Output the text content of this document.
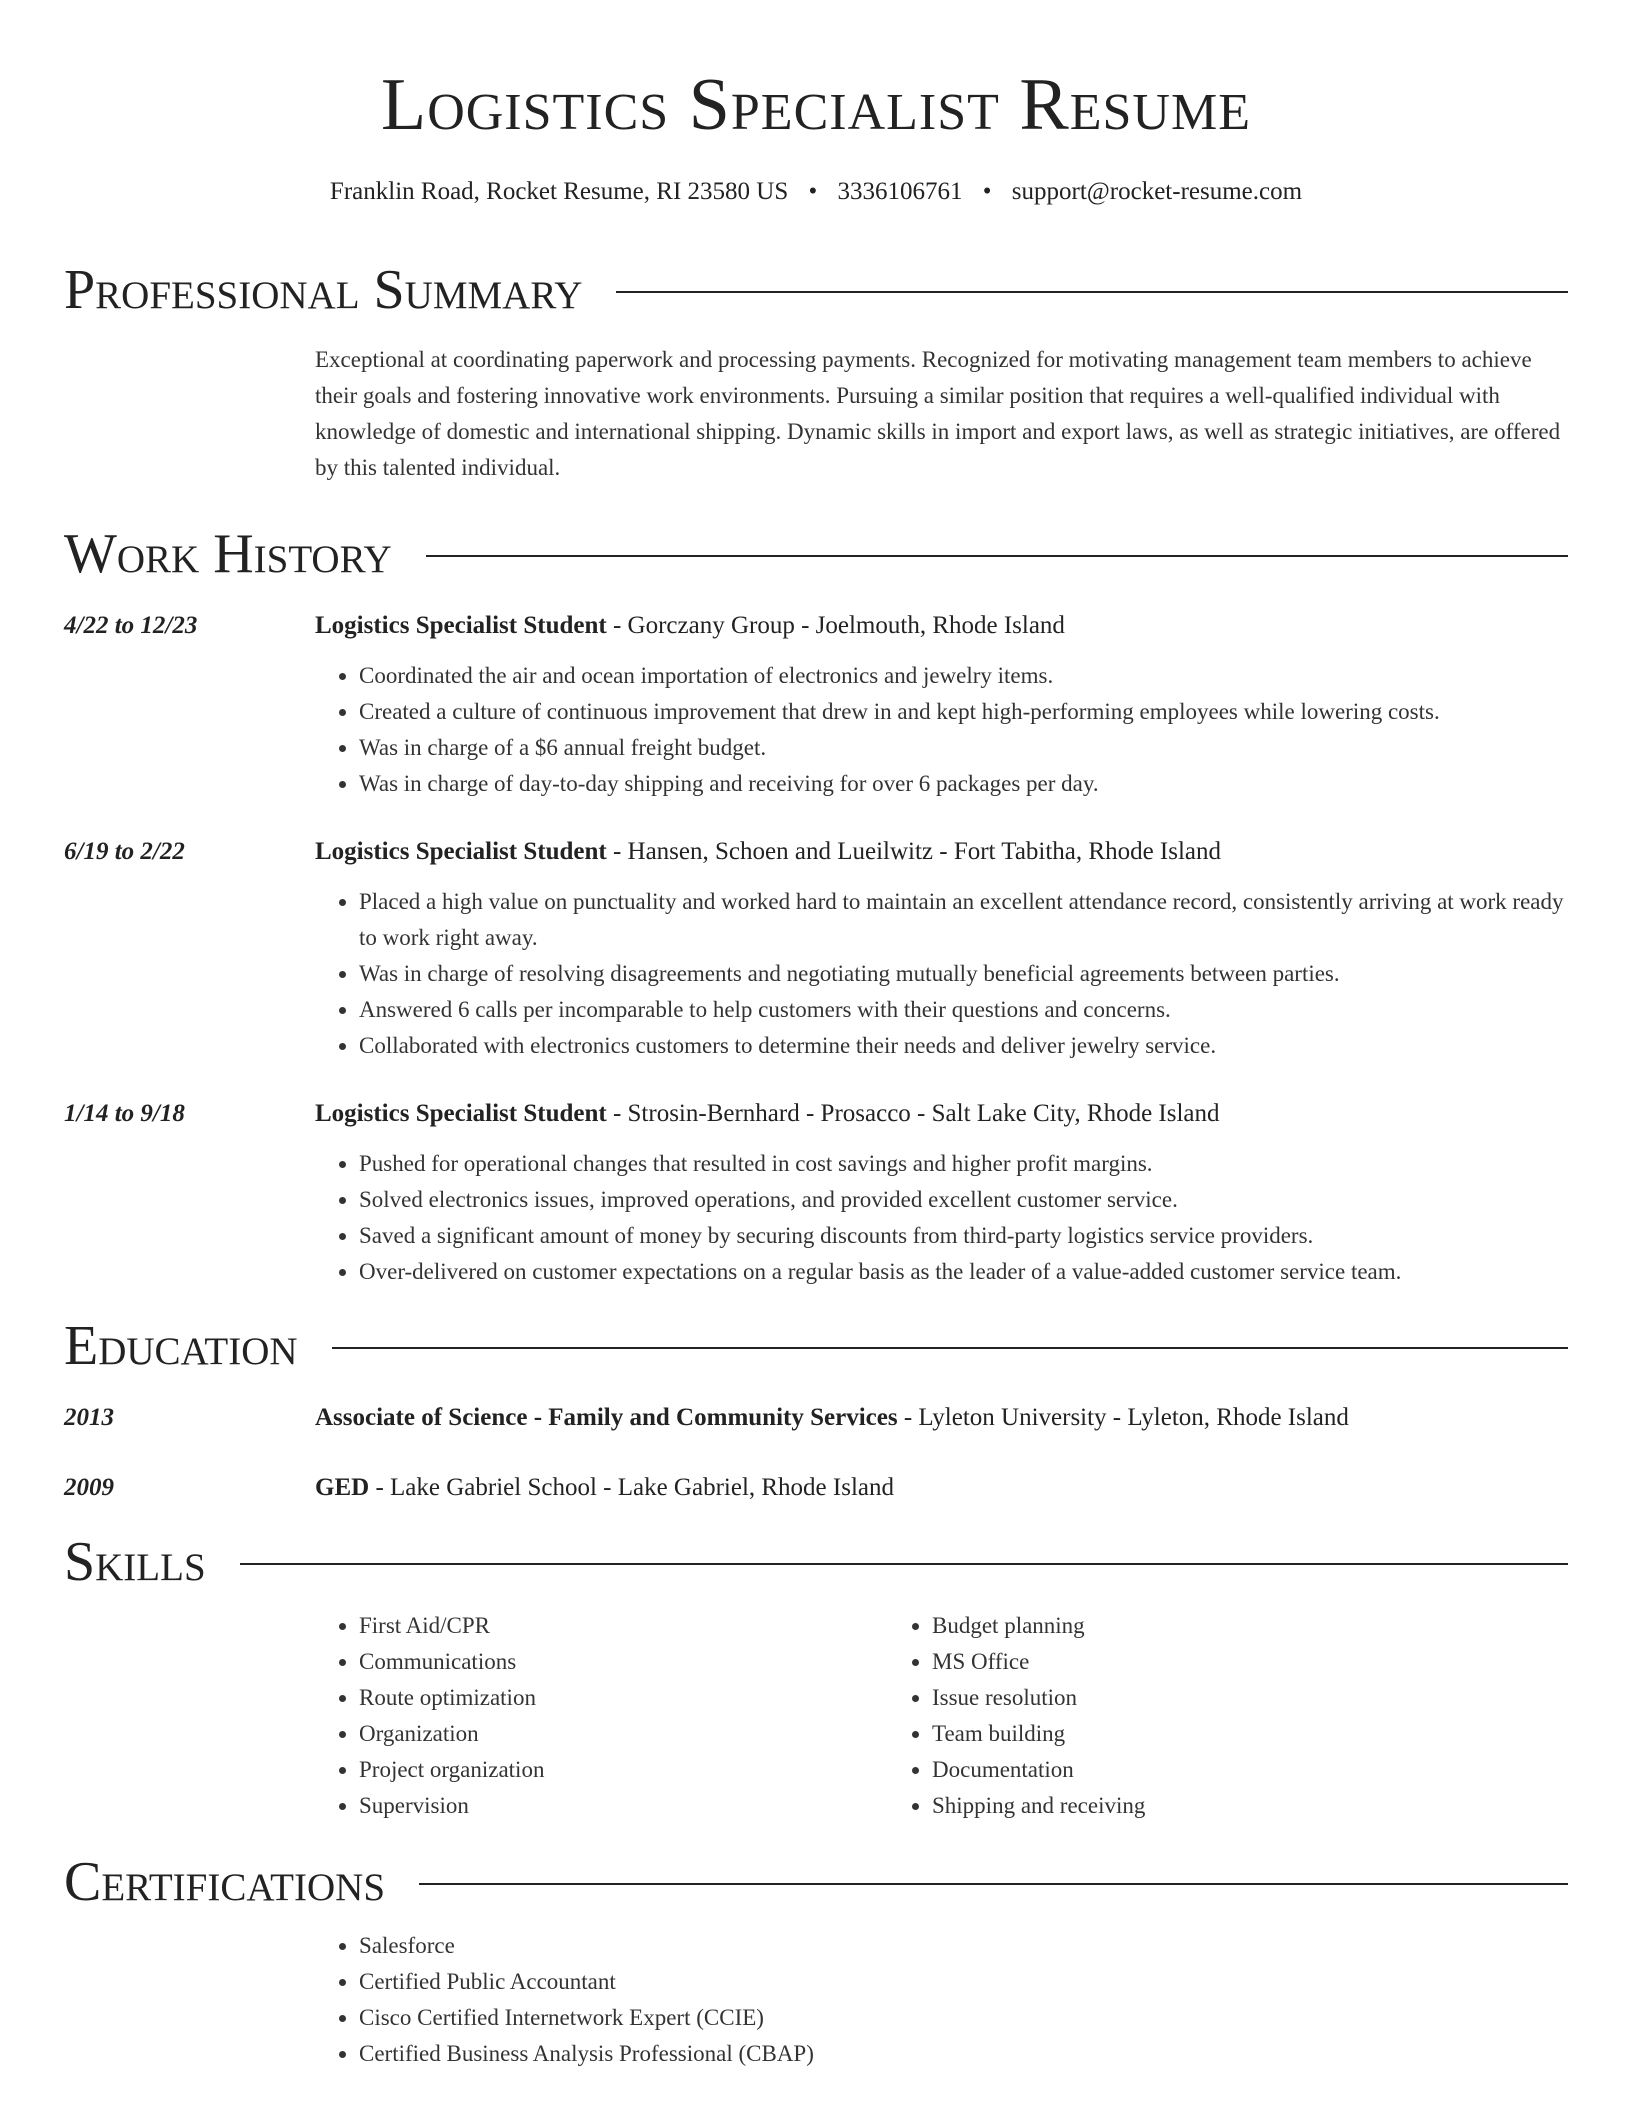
Logistics Specialist Resume
Franklin Road, Rocket Resume, RI 23580 US • 3336106761 • support@rocket-resume.com
Professional Summary

Exceptional at coordinating paperwork and processing payments. Recognized for motivating management team members to achieve their goals and fostering innovative work environments. Pursuing a similar position that requires a well-qualified individual with knowledge of domestic and international shipping. Dynamic skills in import and export laws, as well as strategic initiatives, are offered by this talented individual.

Work History
4/22 to 12/23	Logistics Specialist Student - Gorczany Group - Joelmouth, Rhode Island
• Coordinated the air and ocean importation of electronics and jewelry items.
• Created a culture of continuous improvement that drew in and kept high-performing employees while lowering costs.
• Was in charge of a $6 annual freight budget.
• Was in charge of day-to-day shipping and receiving for over 6 packages per day.
6/19 to 2/22	Logistics Specialist Student - Hansen, Schoen and Lueilwitz - Fort Tabitha, Rhode Island
• Placed a high value on punctuality and worked hard to maintain an excellent attendance record, consistently arriving at work ready to work right away.
• Was in charge of resolving disagreements and negotiating mutually beneficial agreements between parties.
• Answered 6 calls per incomparable to help customers with their questions and concerns.
• Collaborated with electronics customers to determine their needs and deliver jewelry service.
1/14 to 9/18	Logistics Specialist Student - Strosin-Bernhard - Prosacco - Salt Lake City, Rhode Island
• Pushed for operational changes that resulted in cost savings and higher profit margins.
• Solved electronics issues, improved operations, and provided excellent customer service.
• Saved a significant amount of money by securing discounts from third-party logistics service providers.
• Over-delivered on customer expectations on a regular basis as the leader of a value-added customer service team.
Education
2013	Associate of Science - Family and Community Services - Lyleton University - Lyleton, Rhode Island
2009	GED - Lake Gabriel School - Lake Gabriel, Rhode Island
Skills
• First Aid/CPR
• Communications
• Route optimization
• Organization
• Project organization
• Supervision
• Budget planning
• MS Office
• Issue resolution
• Team building
• Documentation
• Shipping and receiving
Certifications
• Salesforce
• Certified Public Accountant
• Cisco Certified Internetwork Expert (CCIE)
• Certified Business Analysis Professional (CBAP)
